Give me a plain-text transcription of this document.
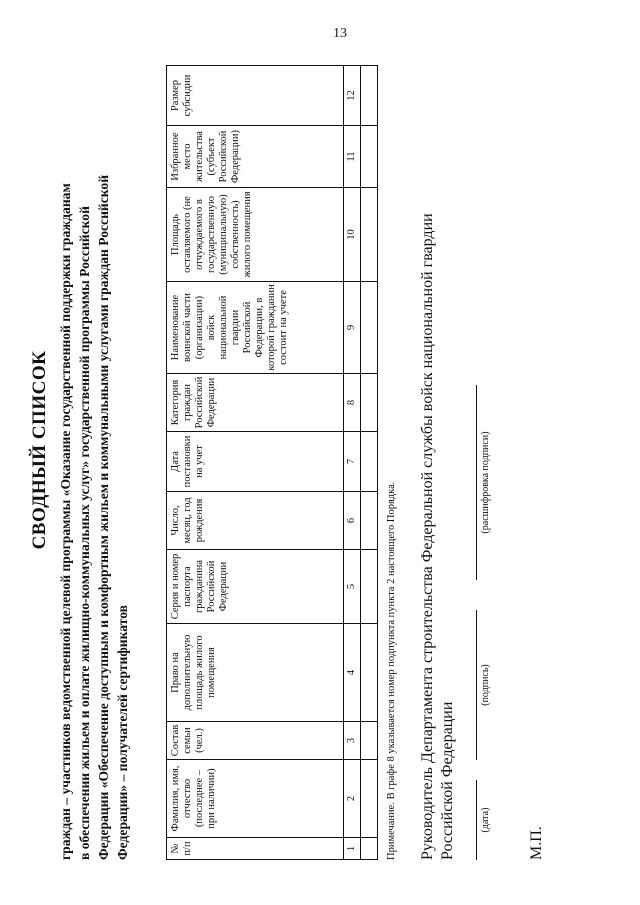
13
СВОДНЫЙ СПИСОК граждан – участников ведомственной целевой программы «Оказание государственной поддержки гражданам в обеспечении жильем и оплате жилищно-коммунальных услуг» государственной программы Российской Федерации «Обеспечение доступным и комфортным жильем и коммунальными услугами граждан Российской Федерации» – получателей сертификатов	№ п/п	Фамилия, имя, отчество (последнее – при наличии)	Состав семьи (чел.)	Право на дополнительную площадь жилого помещения	Серия и номер паспорта гражданина Российской Федерации	Число, месяц, год рождения	Дата постановки на учет	Категория граждан Российской Федерации	Наименование воинской части (организации) войск национальной гвардии Российской Федерации, в которой гражданин состоит на учете	Площадь оставляемого (не отчуждаемого в государственную (муниципальную) собственность) жилого помещения	Избранное место жительства (субъект Российской Федерации)	Размер субсидии
1	2	3	4	5	6	7	8	9	10	11	12

Примечание. В графе 8 указывается номер подпункта пункта 2 настоящего Порядка. Руководитель Департамента строительства Федеральной службы войск национальной гвардии Российской Федерации (дата)
(подпись)
(расшифровка подписи)
М.П.
